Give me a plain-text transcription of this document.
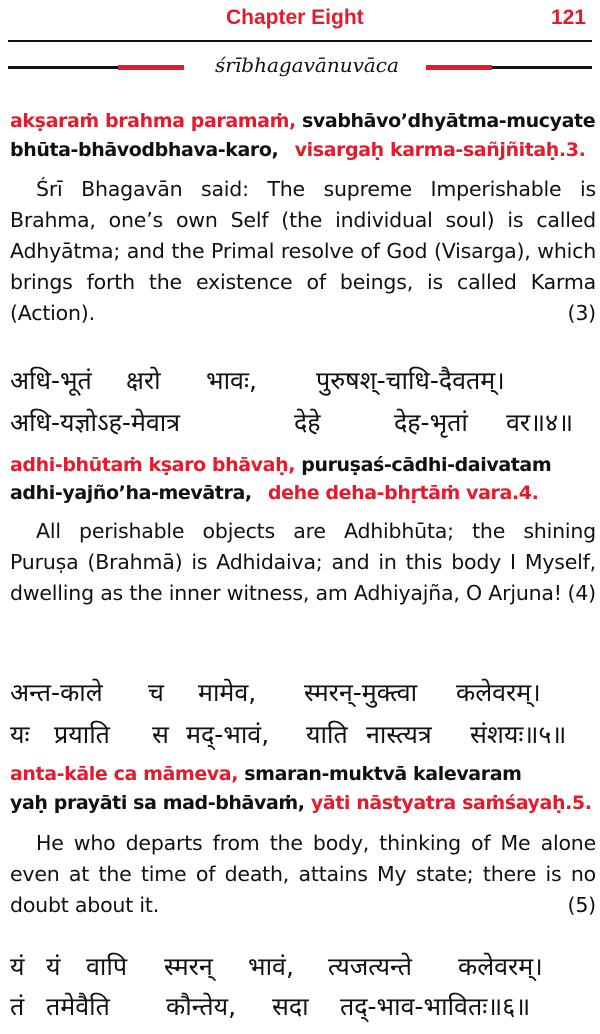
Chapter Eight	121
śrībhagavānuvāca
akṣaraṁ brahma paramaṁ, svabhāvo’dhyātma-mucyate
bhūta-bhāvodbhava-karo, visargaḥ karma-sañjñitaḥ.3.
Śrī Bhagavān said: The supreme Imperishable is Brahma, one’s own Self (the individual soul) is called Adhyātma; and the Primal resolve of God (Visarga), which brings forth the existence of beings, is called Karma (Action).	(3)
अधि-भूतं क्षरो भावः, पुरुषश्-चाधि-दैवतम्।
अधि-यज्ञोऽह-मेवात्र	देहे	देह-भृतां वर॥४॥
adhi-bhūtaṁ kṣaro bhāvaḥ, puruṣaś-cādhi-daivatam
adhi-yajño’ha-mevātra, dehe deha-bhṛtāṁ vara.4.
All perishable objects are Adhibhūta; the shining Puruṣa (Brahmā) is Adhidaiva; and in this body I Myself, dwelling as the inner witness, am Adhiyajña, O Arjuna! (4)
अन्त-काले च मामेव, स्मरन्-मुक्त्वा कलेवरम्।
यः प्रयाति स मद्-भावं, याति नास्त्यत्र संशयः॥५॥
anta-kāle ca māmeva, smaran-muktvā kalevaram
yaḥ prayāti sa mad-bhāvaṁ, yāti nāstyatra saṁśayaḥ.5.
He who departs from the body, thinking of Me alone even at the time of death, attains My state; there is no doubt about it.	(5)
यं यं वापि स्मरन् भावं, त्यजत्यन्ते कलेवरम्।
तं तमेवैति कौन्तेय, सदा तद्-भाव-भावितः॥६॥
